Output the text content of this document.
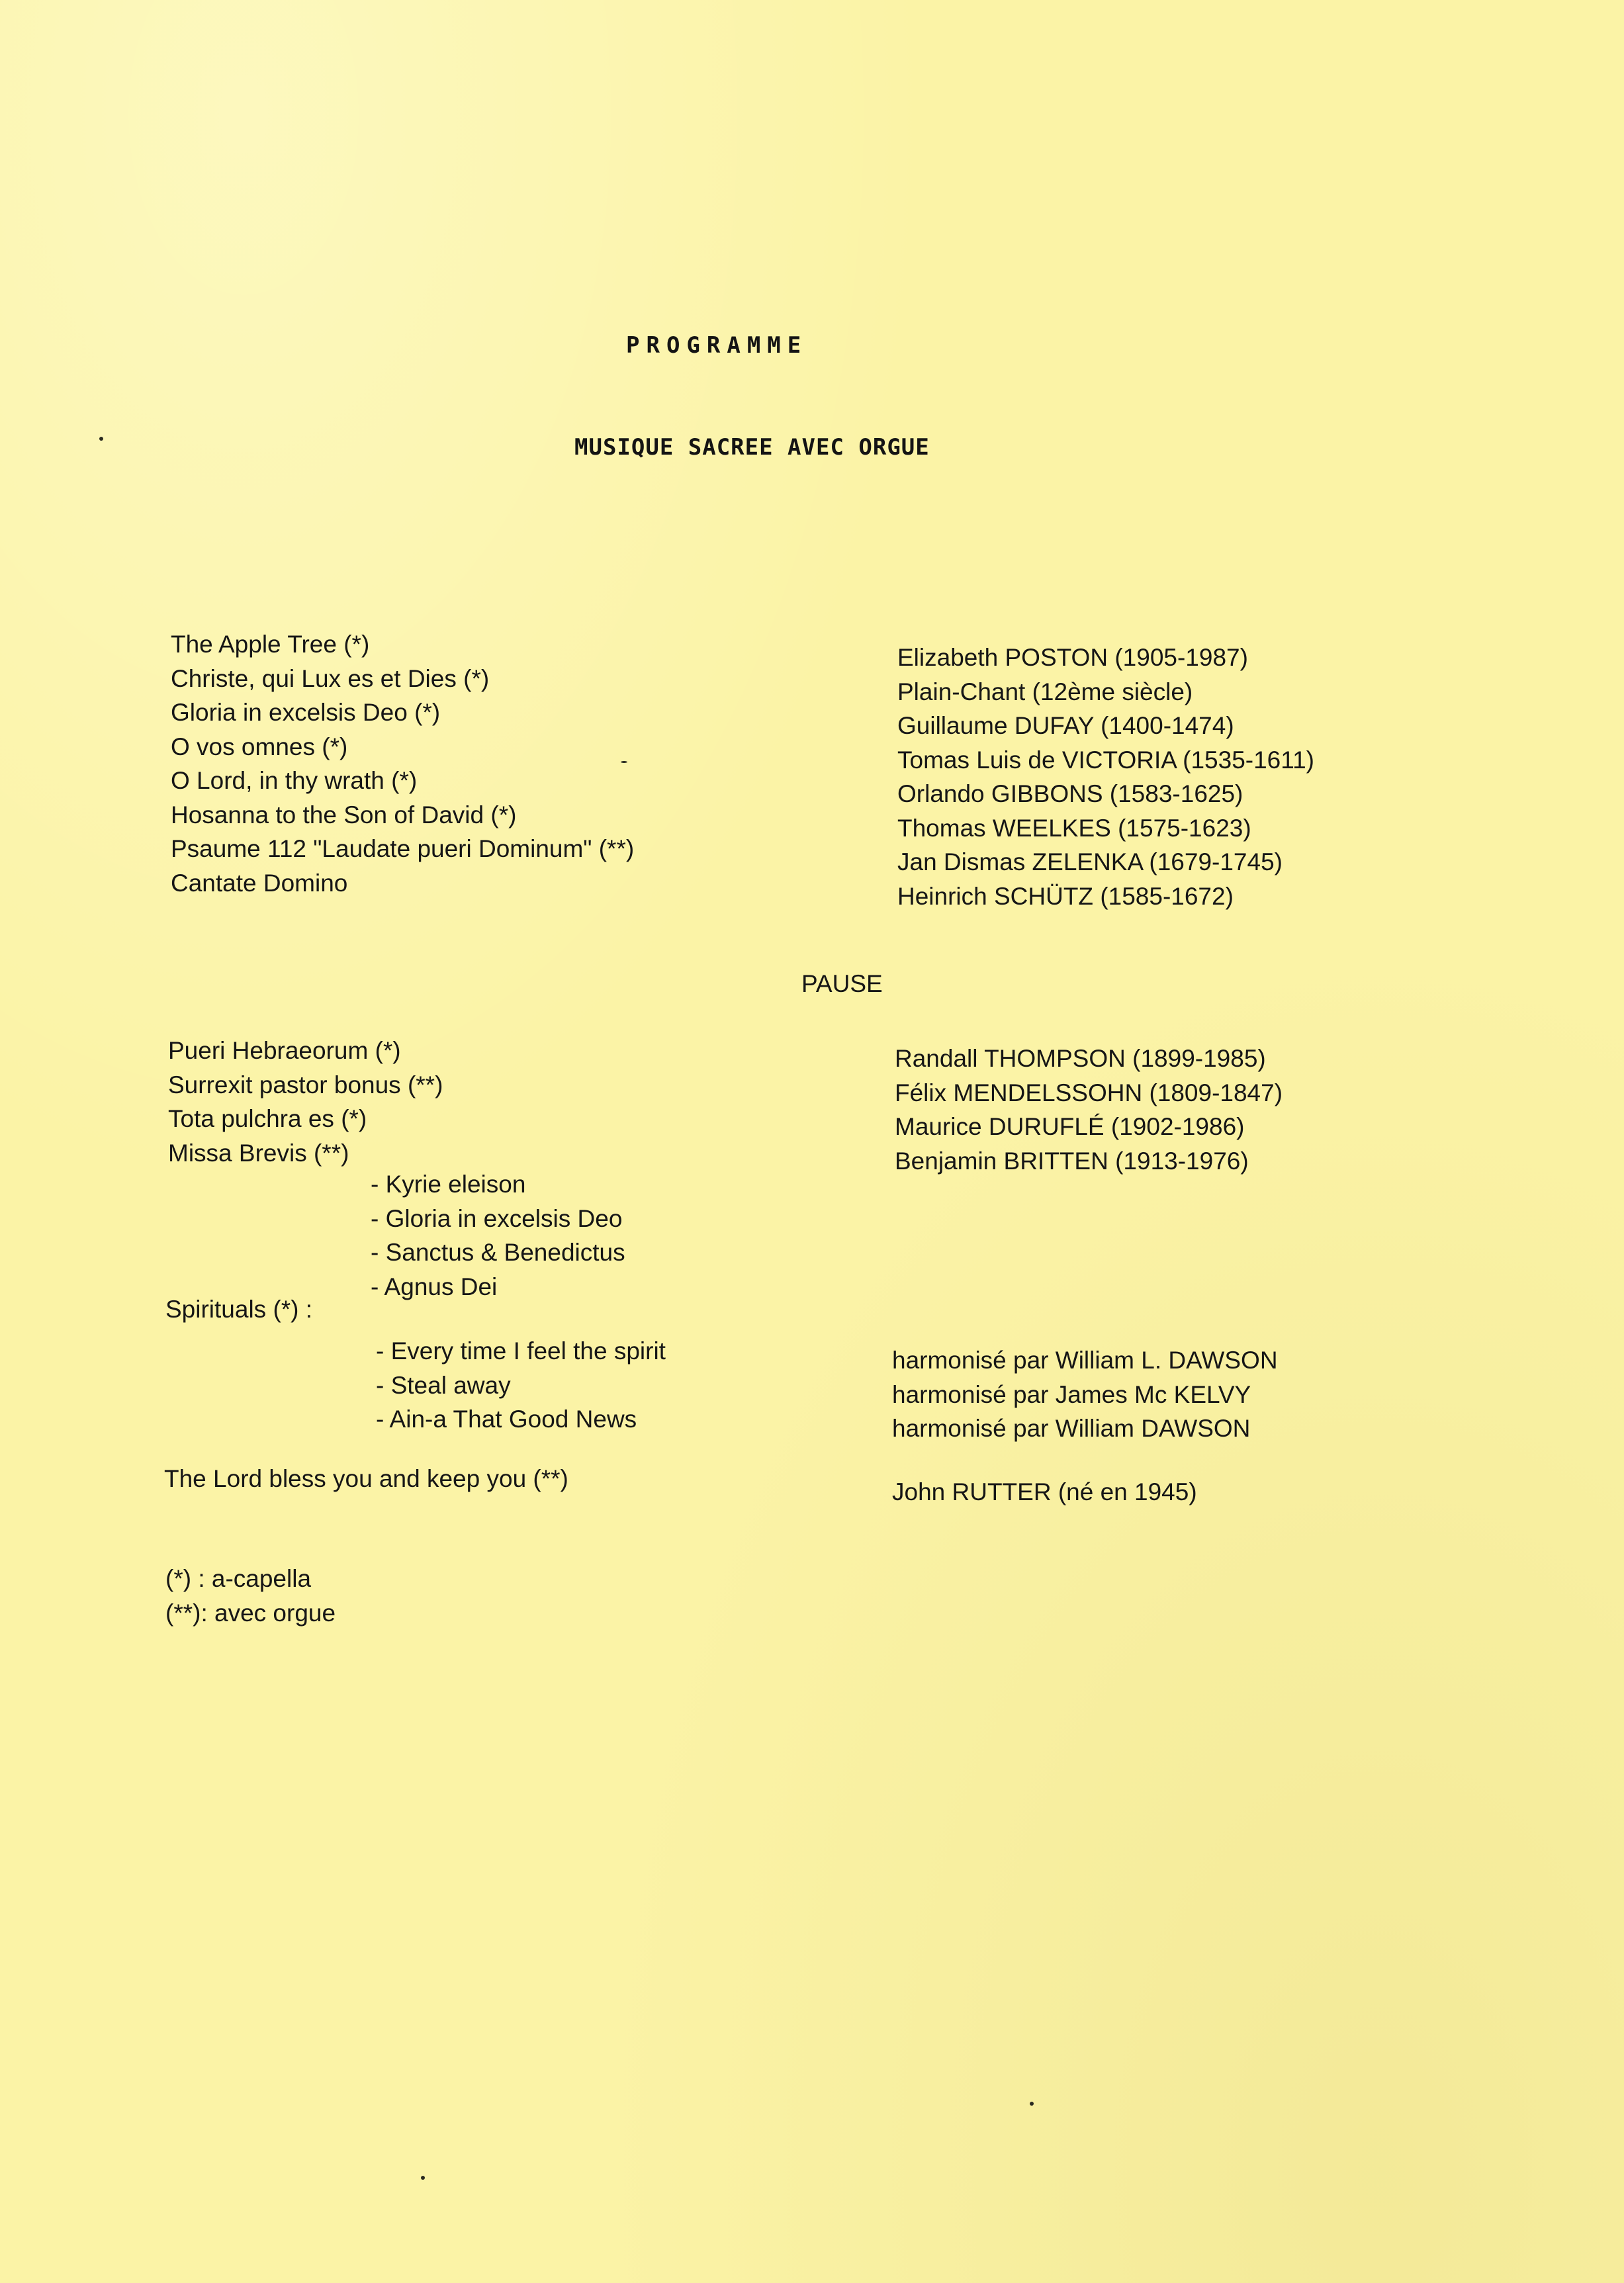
PROGRAMME
MUSIQUE SACREE AVEC ORGUE
The Apple Tree (*)
Christe, qui Lux es et Dies (*)
Gloria in excelsis Deo (*)
O vos omnes (*)
O Lord, in thy wrath (*)
Hosanna to the Son of David (*)
Psaume 112 "Laudate pueri Dominum" (**)
Cantate Domino
Elizabeth POSTON (1905-1987)
Plain-Chant (12ème siècle)
Guillaume DUFAY (1400-1474)
Tomas Luis de VICTORIA (1535-1611)
Orlando GIBBONS (1583-1625)
Thomas WEELKES (1575-1623)
Jan Dismas ZELENKA (1679-1745)
Heinrich SCHÜTZ (1585-1672)
PAUSE
Pueri Hebraeorum (*)
Surrexit pastor bonus (**)
Tota pulchra es (*)
Missa Brevis (**)
Randall THOMPSON (1899-1985)
Félix MENDELSSOHN (1809-1847)
Maurice DURUFLÉ (1902-1986)
Benjamin BRITTEN (1913-1976)
- Kyrie eleison
- Gloria in excelsis Deo
- Sanctus & Benedictus
- Agnus Dei
Spirituals (*) :
- Every time I feel the spirit
- Steal away
- Ain-a That Good News
harmonisé par William L. DAWSON
harmonisé par James Mc KELVY
harmonisé par William DAWSON
The Lord bless you and keep you (**)	John RUTTER (né en 1945)
(*) : a-capella
(**): avec orgue
